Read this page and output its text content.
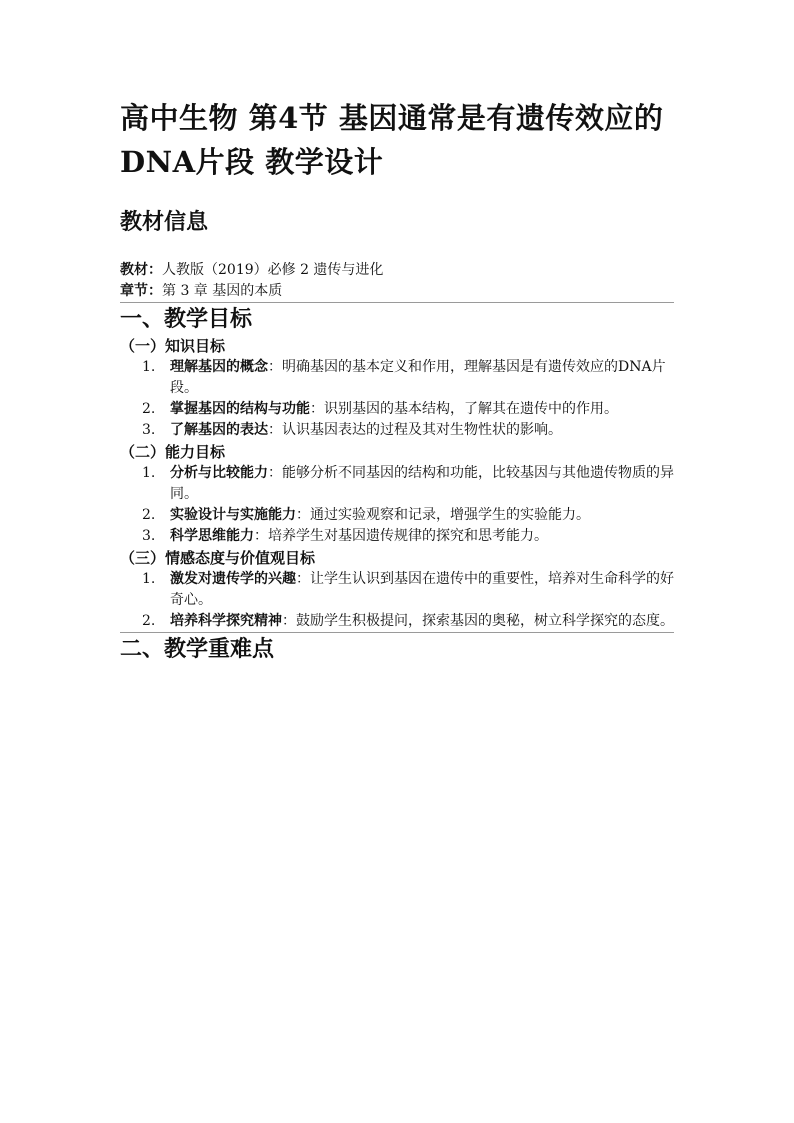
高中生物 第4节 基因通常是有遗传效应的DNA片段 教学设计
教材信息
教材：人教版（2019）必修 2 遗传与进化
章节：第 3 章 基因的本质
一、教学目标
（一）知识目标
1. 理解基因的概念：明确基因的基本定义和作用，理解基因是有遗传效应的DNA片段。
2. 掌握基因的结构与功能：识别基因的基本结构，了解其在遗传中的作用。
3. 了解基因的表达：认识基因表达的过程及其对生物性状的影响。
（二）能力目标
1. 分析与比较能力：能够分析不同基因的结构和功能，比较基因与其他遗传物质的异同。
2. 实验设计与实施能力：通过实验观察和记录，增强学生的实验能力。
3. 科学思维能力：培养学生对基因遗传规律的探究和思考能力。
（三）情感态度与价值观目标
1. 激发对遗传学的兴趣：让学生认识到基因在遗传中的重要性，培养对生命科学的好奇心。
2. 培养科学探究精神：鼓励学生积极提问，探索基因的奥秘，树立科学探究的态度。
二、教学重难点
